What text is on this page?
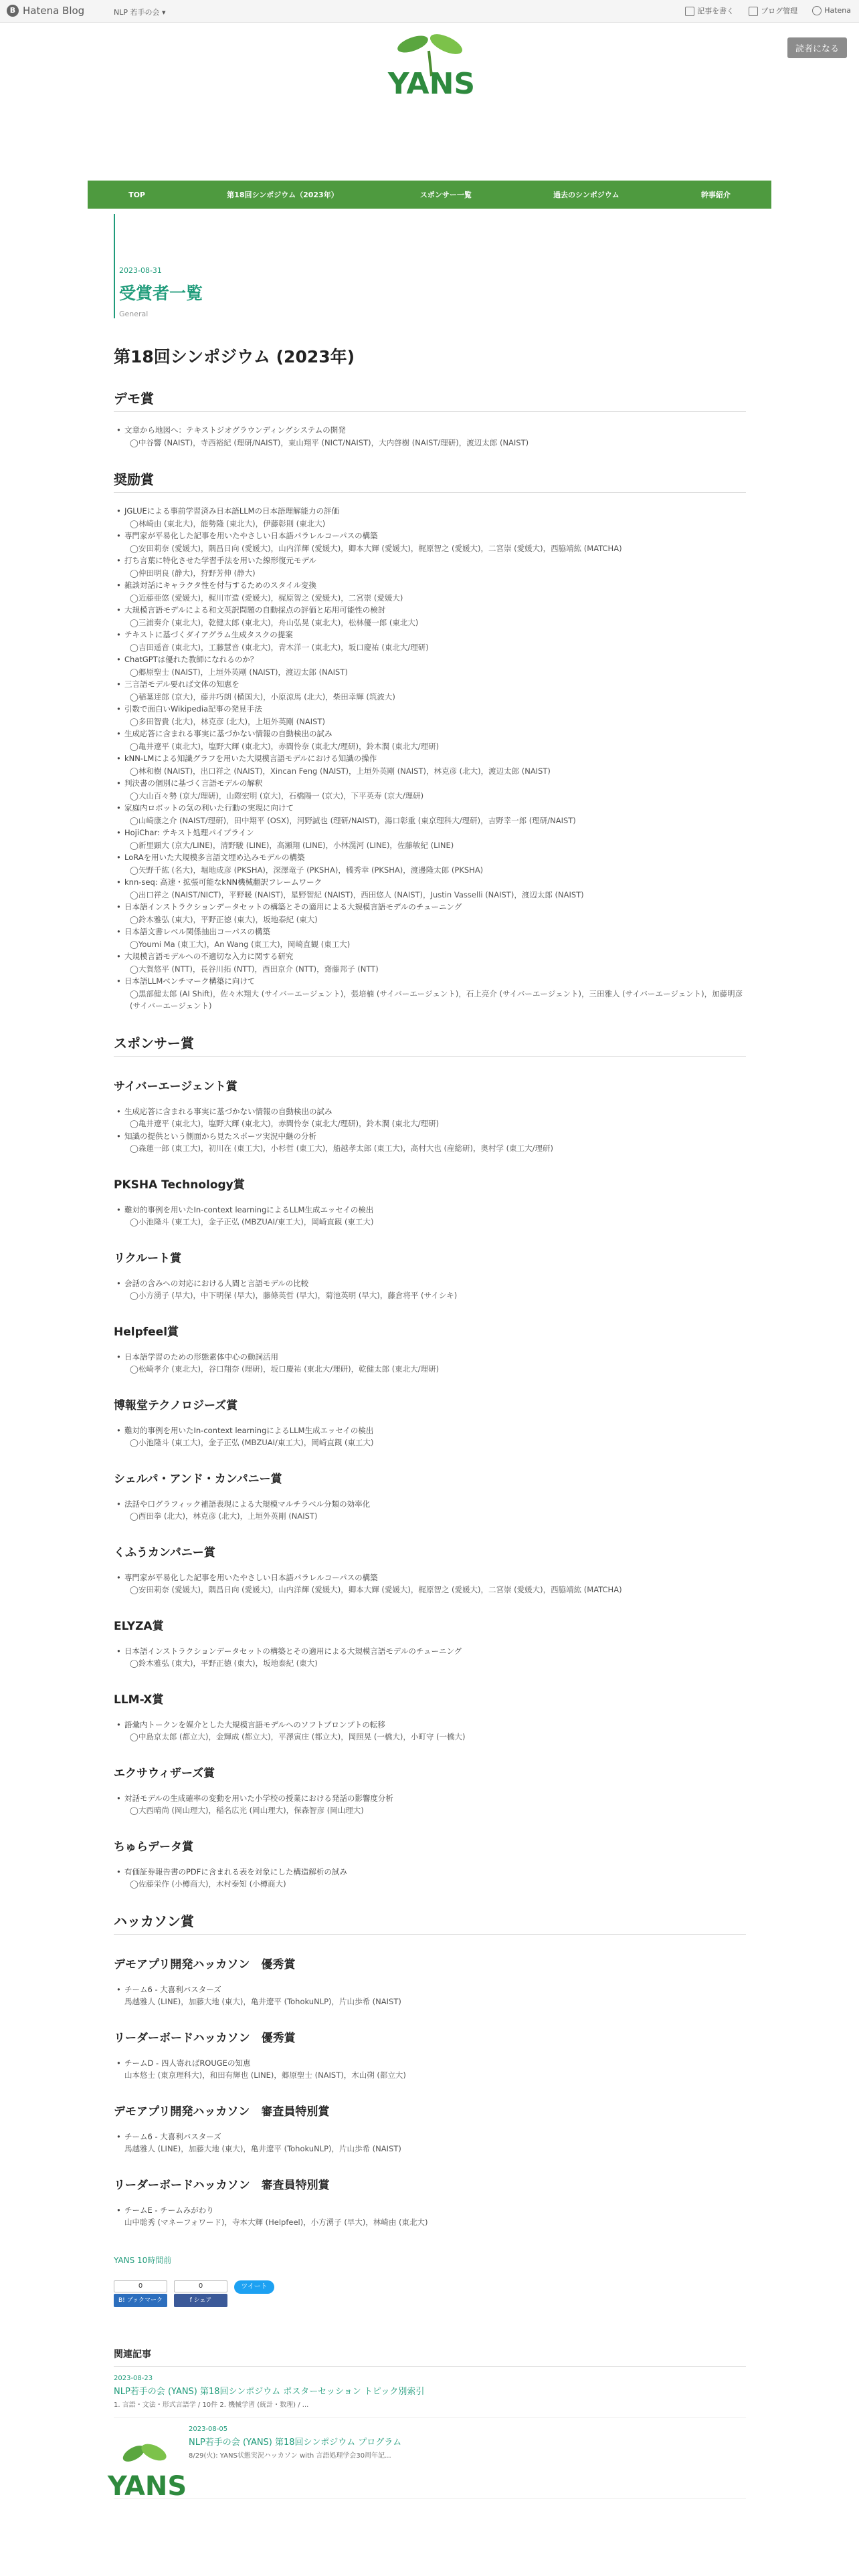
B Hatena Blog	NLP 若手の会 ▾	記事を書く	ブログ管理	Hatena
読者になる
YANS
TOP	第18回シンポジウム（2023年）	スポンサー一覧	過去のシンポジウム	幹事紹介
2023-08-31
受賞者一覧
General
第18回シンポジウム (2023年)
デモ賞
• 文章から地図へ：テキストジオグラウンディングシステムの開発
◯中谷響 (NAIST)，寺西裕紀 (理研/NAIST)，東山翔平 (NICT/NAIST)，大内啓樹 (NAIST/理研)，渡辺太郎 (NAIST)
奨励賞
• JGLUEによる事前学習済み日本語LLMの日本語理解能力の評価
◯林崎由 (東北大)，能勢隆 (東北大)，伊藤彰則 (東北大)
• 専門家が平易化した記事を用いたやさしい日本語パラレルコーパスの構築
◯安田莉奈 (愛媛大)，隅昌日向 (愛媛大)，山内洋輝 (愛媛大)，卿本大輝 (愛媛大)，梶原智之 (愛媛大)，二宮崇 (愛媛大)，西脇靖紘 (MATCHA)
• 打ち言葉に特化させた学習手法を用いた線形復元モデル
◯仲田明良 (静大)，狩野芳伸 (静大)
• 雑談対話にキャラクタ性を付与するためのスタイル変換
◯近藤亜悠 (愛媛大)，梶川市造 (愛媛大)，梶原智之 (愛媛大)，二宮崇 (愛媛大)
• 大規模言語モデルによる和文英訳問題の自動採点の評価と応用可能性の検討
◯三浦奏介 (東北大)，乾健太郎 (東北大)，舟山弘晃 (東北大)，松林優一郎 (東北大)
• テキストに基づくダイアグラム生成タスクの提案
◯吉田遥音 (東北大)，工藤慧音 (東北大)，青木洋一 (東北大)，坂口慶祐 (東北大/理研)
• ChatGPTは優れた教師になれるのか？
◯郷原聖士 (NAIST)，上垣外英剛 (NAIST)，渡辺太郎 (NAIST)
• 三言語モデル要れば文体の知恵を
◯稲葉達郎 (京大)，藤井巧朗 (横国大)，小原涼馬 (北大)，柴田幸輝 (筑波大)
• 引数で面白いWikipedia記事の発見手法
◯多田智貴 (北大)，林克彦 (北大)，上垣外英剛 (NAIST)
• 生成応答に含まれる事実に基づかない情報の自動検出の試み
◯亀井遼平 (東北大)，塩野大輝 (東北大)，赤間怜奈 (東北大/理研)，鈴木潤 (東北大/理研)
• kNN-LMによる知識グラフを用いた大規模言語モデルにおける知識の操作
◯林和樹 (NAIST)，出口祥之 (NAIST)，Xincan Feng (NAIST)，上垣外英剛 (NAIST)，林克彦 (北大)，渡辺太郎 (NAIST)
• 判決書の個別に基づく言語モデルの解釈
◯大山百々勢 (京大/理研)，山際宏明 (京大)，石橋陽一 (京大)，下平英寿 (京大/理研)
• 家庭内ロボットの気の利いた行動の実現に向けて
◯山崎康之介 (NAIST/理研)，田中翔平 (OSX)，河野誠也 (理研/NAIST)，湯口彰重 (東京理科大/理研)，吉野幸一郎 (理研/NAIST)
• HojiChar: テキスト処理パイプライン
◯新里顕大 (京大/LINE)，清野駿 (LINE)，高瀬翔 (LINE)，小林滉河 (LINE)，佐藤敏紀 (LINE)
• LoRAを用いた大規模多言語文埋め込みモデルの構築
◯矢野千紘 (名大)，堀地成彦 (PKSHA)，深澤竜子 (PKSHA)，橘秀幸 (PKSHA)，渡邊隆太郎 (PKSHA)
• knn-seq: 高速・拡張可能なkNN機械翻訳フレームワーク
◯出口祥之 (NAIST/NICT)，平野暖 (NAIST)，星野智紀 (NAIST)，西田悠人 (NAIST)，Justin Vasselli (NAIST)，渡辺太郎 (NAIST)
• 日本語インストラクションデータセットの構築とその適用による大規模言語モデルのチューニング
◯鈴木雅弘 (東大)，平野正徳 (東大)，坂地泰紀 (東大)
• 日本語文書レベル関係抽出コーパスの構築
◯Youmi Ma (東工大)，An Wang (東工大)，岡崎直観 (東工大)
• 大規模言語モデルへの不適切な入力に関する研究
◯大賀悠平 (NTT)，長谷川拓 (NTT)，西田京介 (NTT)，齋藤邦子 (NTT)
• 日本語LLMベンチマーク構築に向けて
◯黒部健太郎 (AI Shift)，佐々木翔大 (サイバーエージェント)，張培楠 (サイバーエージェント)，石上亮介 (サイバーエージェント)，三田雅人 (サイバーエージェント)，加藤明彦 (サイバーエージェント)
スポンサー賞
サイバーエージェント賞
• 生成応答に含まれる事実に基づかない情報の自動検出の試み
◯亀井遼平 (東北大)，塩野大輝 (東北大)，赤間怜奈 (東北大/理研)，鈴木潤 (東北大/理研)
• 知識の提供という側面から見たスポーツ実況中継の分析
◯森蓮一郎 (東工大)，初川在 (東工大)，小杉哲 (東工大)，船越孝太郎 (東工大)，高村大也 (産総研)，奥村学 (東工大/理研)
PKSHA Technology賞
• 難対的事例を用いたIn-context learningによるLLM生成エッセイの検出
◯小池隆斗 (東工大)，金子正弘 (MBZUAI/東工大)，岡崎直観 (東工大)
リクルート賞
• 会話の含みへの対応における人間と言語モデルの比較
◯小方湧子 (早大)，中下明保 (早大)，藤條英哲 (早大)，菊池英明 (早大)，藤倉将平 (サイシキ)
Helpfeel賞
• 日本語学習のための形態素体中心の動詞活用
◯松崎孝介 (東北大)，谷口翔奈 (理研)，坂口慶祐 (東北大/理研)，乾健太郎 (東北大/理研)
博報堂テクノロジーズ賞
• 難対的事例を用いたIn-context learningによるLLM生成エッセイの検出
◯小池隆斗 (東工大)，金子正弘 (MBZUAI/東工大)，岡崎直観 (東工大)
シェルパ・アンド・カンパニー賞
• 法話や口グラフィック補語表現による大規模マルチラベル分類の効率化
◯西田拳 (北大)，林克彦 (北大)，上垣外英剛 (NAIST)
くふうカンパニー賞
• 専門家が平易化した記事を用いたやさしい日本語パラレルコーパスの構築
◯安田莉奈 (愛媛大)，隅昌日向 (愛媛大)，山内洋輝 (愛媛大)，卿本大輝 (愛媛大)，梶原智之 (愛媛大)，二宮崇 (愛媛大)，西脇靖紘 (MATCHA)
ELYZA賞
• 日本語インストラクションデータセットの構築とその適用による大規模言語モデルのチューニング
◯鈴木雅弘 (東大)，平野正徳 (東大)，坂地泰紀 (東大)
LLM-X賞
• 語彙内トークンを媒介とした大規模言語モデルへのソフトプロンプトの転移
◯中島京太郎 (都立大)，金輝成 (都立大)，平澤寅庄 (都立大)，岡照晃 (一橋大)，小町守 (一橋大)
エクサウィザーズ賞
• 対話モデルの生成確率の変動を用いた小学校の授業における発話の影響度分析
◯大西晴尚 (岡山理大)，稲名広光 (岡山理大)，保森智彦 (岡山理大)
ちゅらデータ賞
• 有価証券報告書のPDFに含まれる表を対象にした構造解析の試み
◯佐藤栄作 (小樽商大)，木村泰知 (小樽商大)
ハッカソン賞
デモアプリ開発ハッカソン　優秀賞
• チーム6 - 大喜利バスターズ
馬越雅人 (LINE)，加藤大地 (東大)，亀井遼平 (TohokuNLP)，片山歩希 (NAIST)
リーダーボードハッカソン　優秀賞
• チームD - 四人寄ればROUGEの知恵
山本悠士 (東京理科大)，和田有輝也 (LINE)，郷原聖士 (NAIST)，木山朔 (都立大)
デモアプリ開発ハッカソン　審査員特別賞
• チーム6 - 大喜利バスターズ
馬越雅人 (LINE)，加藤大地 (東大)，亀井遼平 (TohokuNLP)，片山歩希 (NAIST)
リーダーボードハッカソン　審査員特別賞
• チームE - チームみがわり
山中聡秀 (マネーフォワード)，寺本大輝 (Helpfeel)，小方湧子 (早大)，林崎由 (東北大)
YANS 10時間前
0
B! ブックマーク
0
f シェア
ツイート
関連記事
2023-08-23
NLP若手の会 (YANS) 第18回シンポジウム ポスターセッション トピック別索引
1. 言語・文法・形式言語学 / 10件 2. 機械学習 (統計・数理) / ...
YANS
2023-08-05
NLP若手の会 (YANS) 第18回シンポジウム プログラム
8/29(火): YANS状態実況ハッカソン with 言語処理学会30周年記...
